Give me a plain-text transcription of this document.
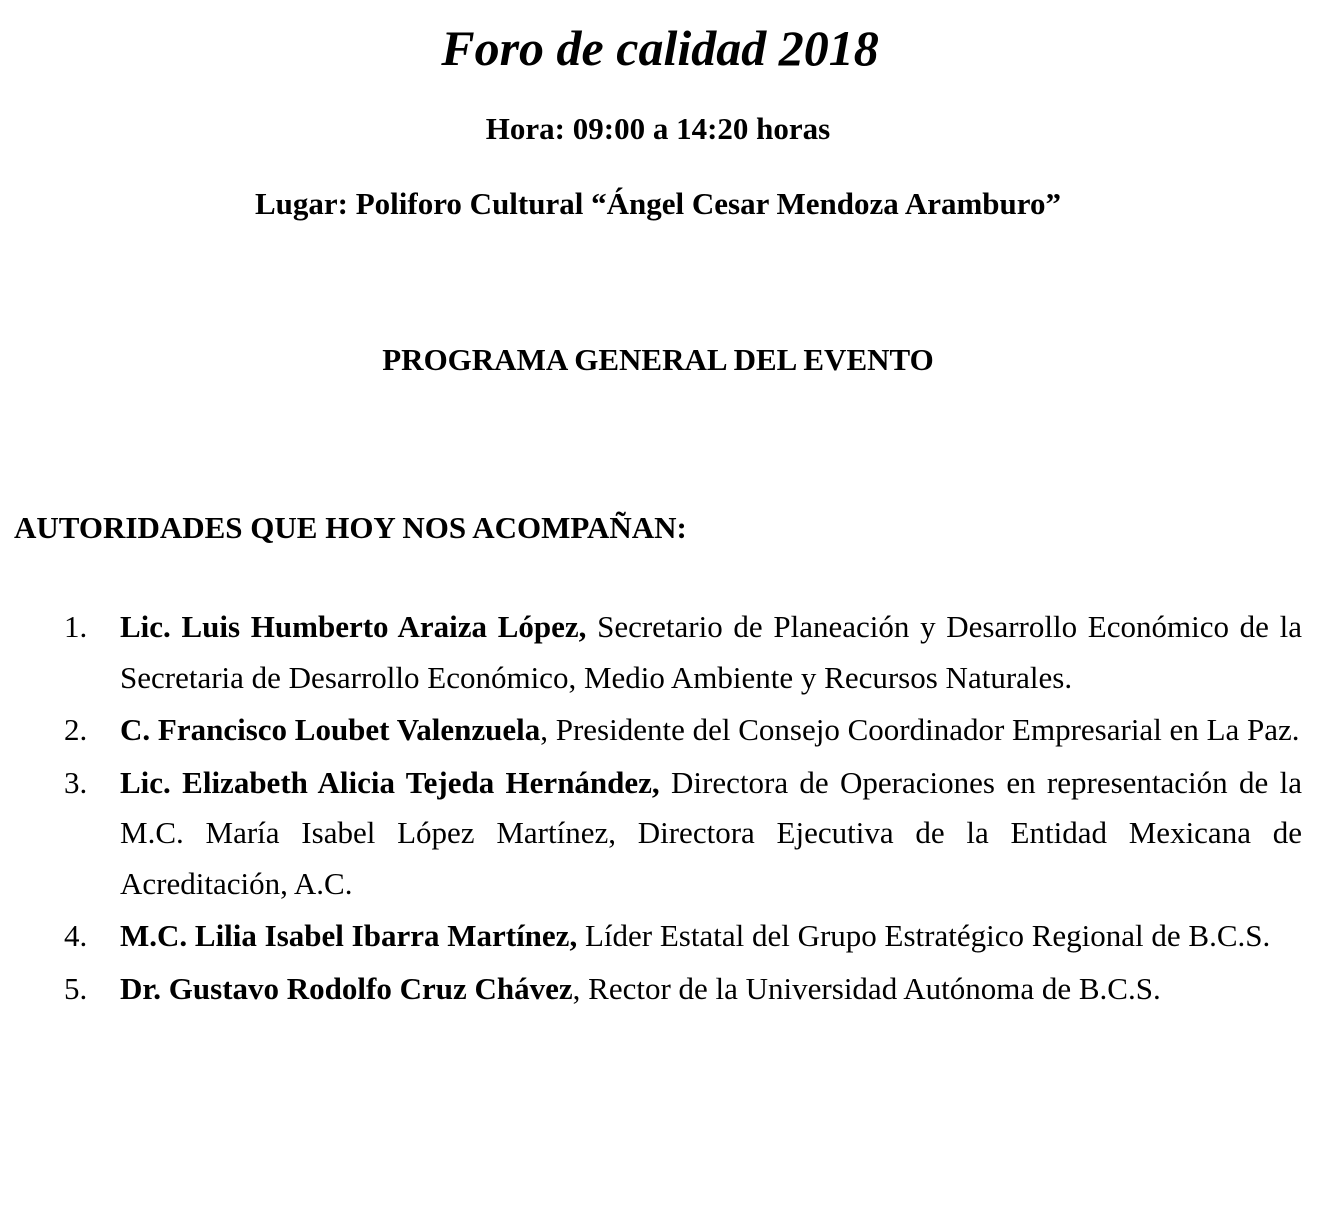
Foro de calidad 2018

Hora: 09:00 a 14:20 horas

Lugar: Poliforo Cultural “Ángel Cesar Mendoza Aramburo”

PROGRAMA GENERAL DEL EVENTO
AUTORIDADES QUE HOY NOS ACOMPAÑAN:
1.	Lic. Luis Humberto Araiza López, Secretario de Planeación y Desarrollo Económico de la Secretaria de Desarrollo Económico, Medio Ambiente y Recursos Naturales.
2.	C. Francisco Loubet Valenzuela, Presidente del Consejo Coordinador Empresarial en La Paz.
3.	Lic. Elizabeth Alicia Tejeda Hernández, Directora de Operaciones en representación de la M.C. María Isabel López Martínez, Directora Ejecutiva de la Entidad Mexicana de Acreditación, A.C.
4.	M.C. Lilia Isabel Ibarra Martínez, Líder Estatal del Grupo Estratégico Regional de B.C.S.
5.	Dr. Gustavo Rodolfo Cruz Chávez, Rector de la Universidad Autónoma de B.C.S.
